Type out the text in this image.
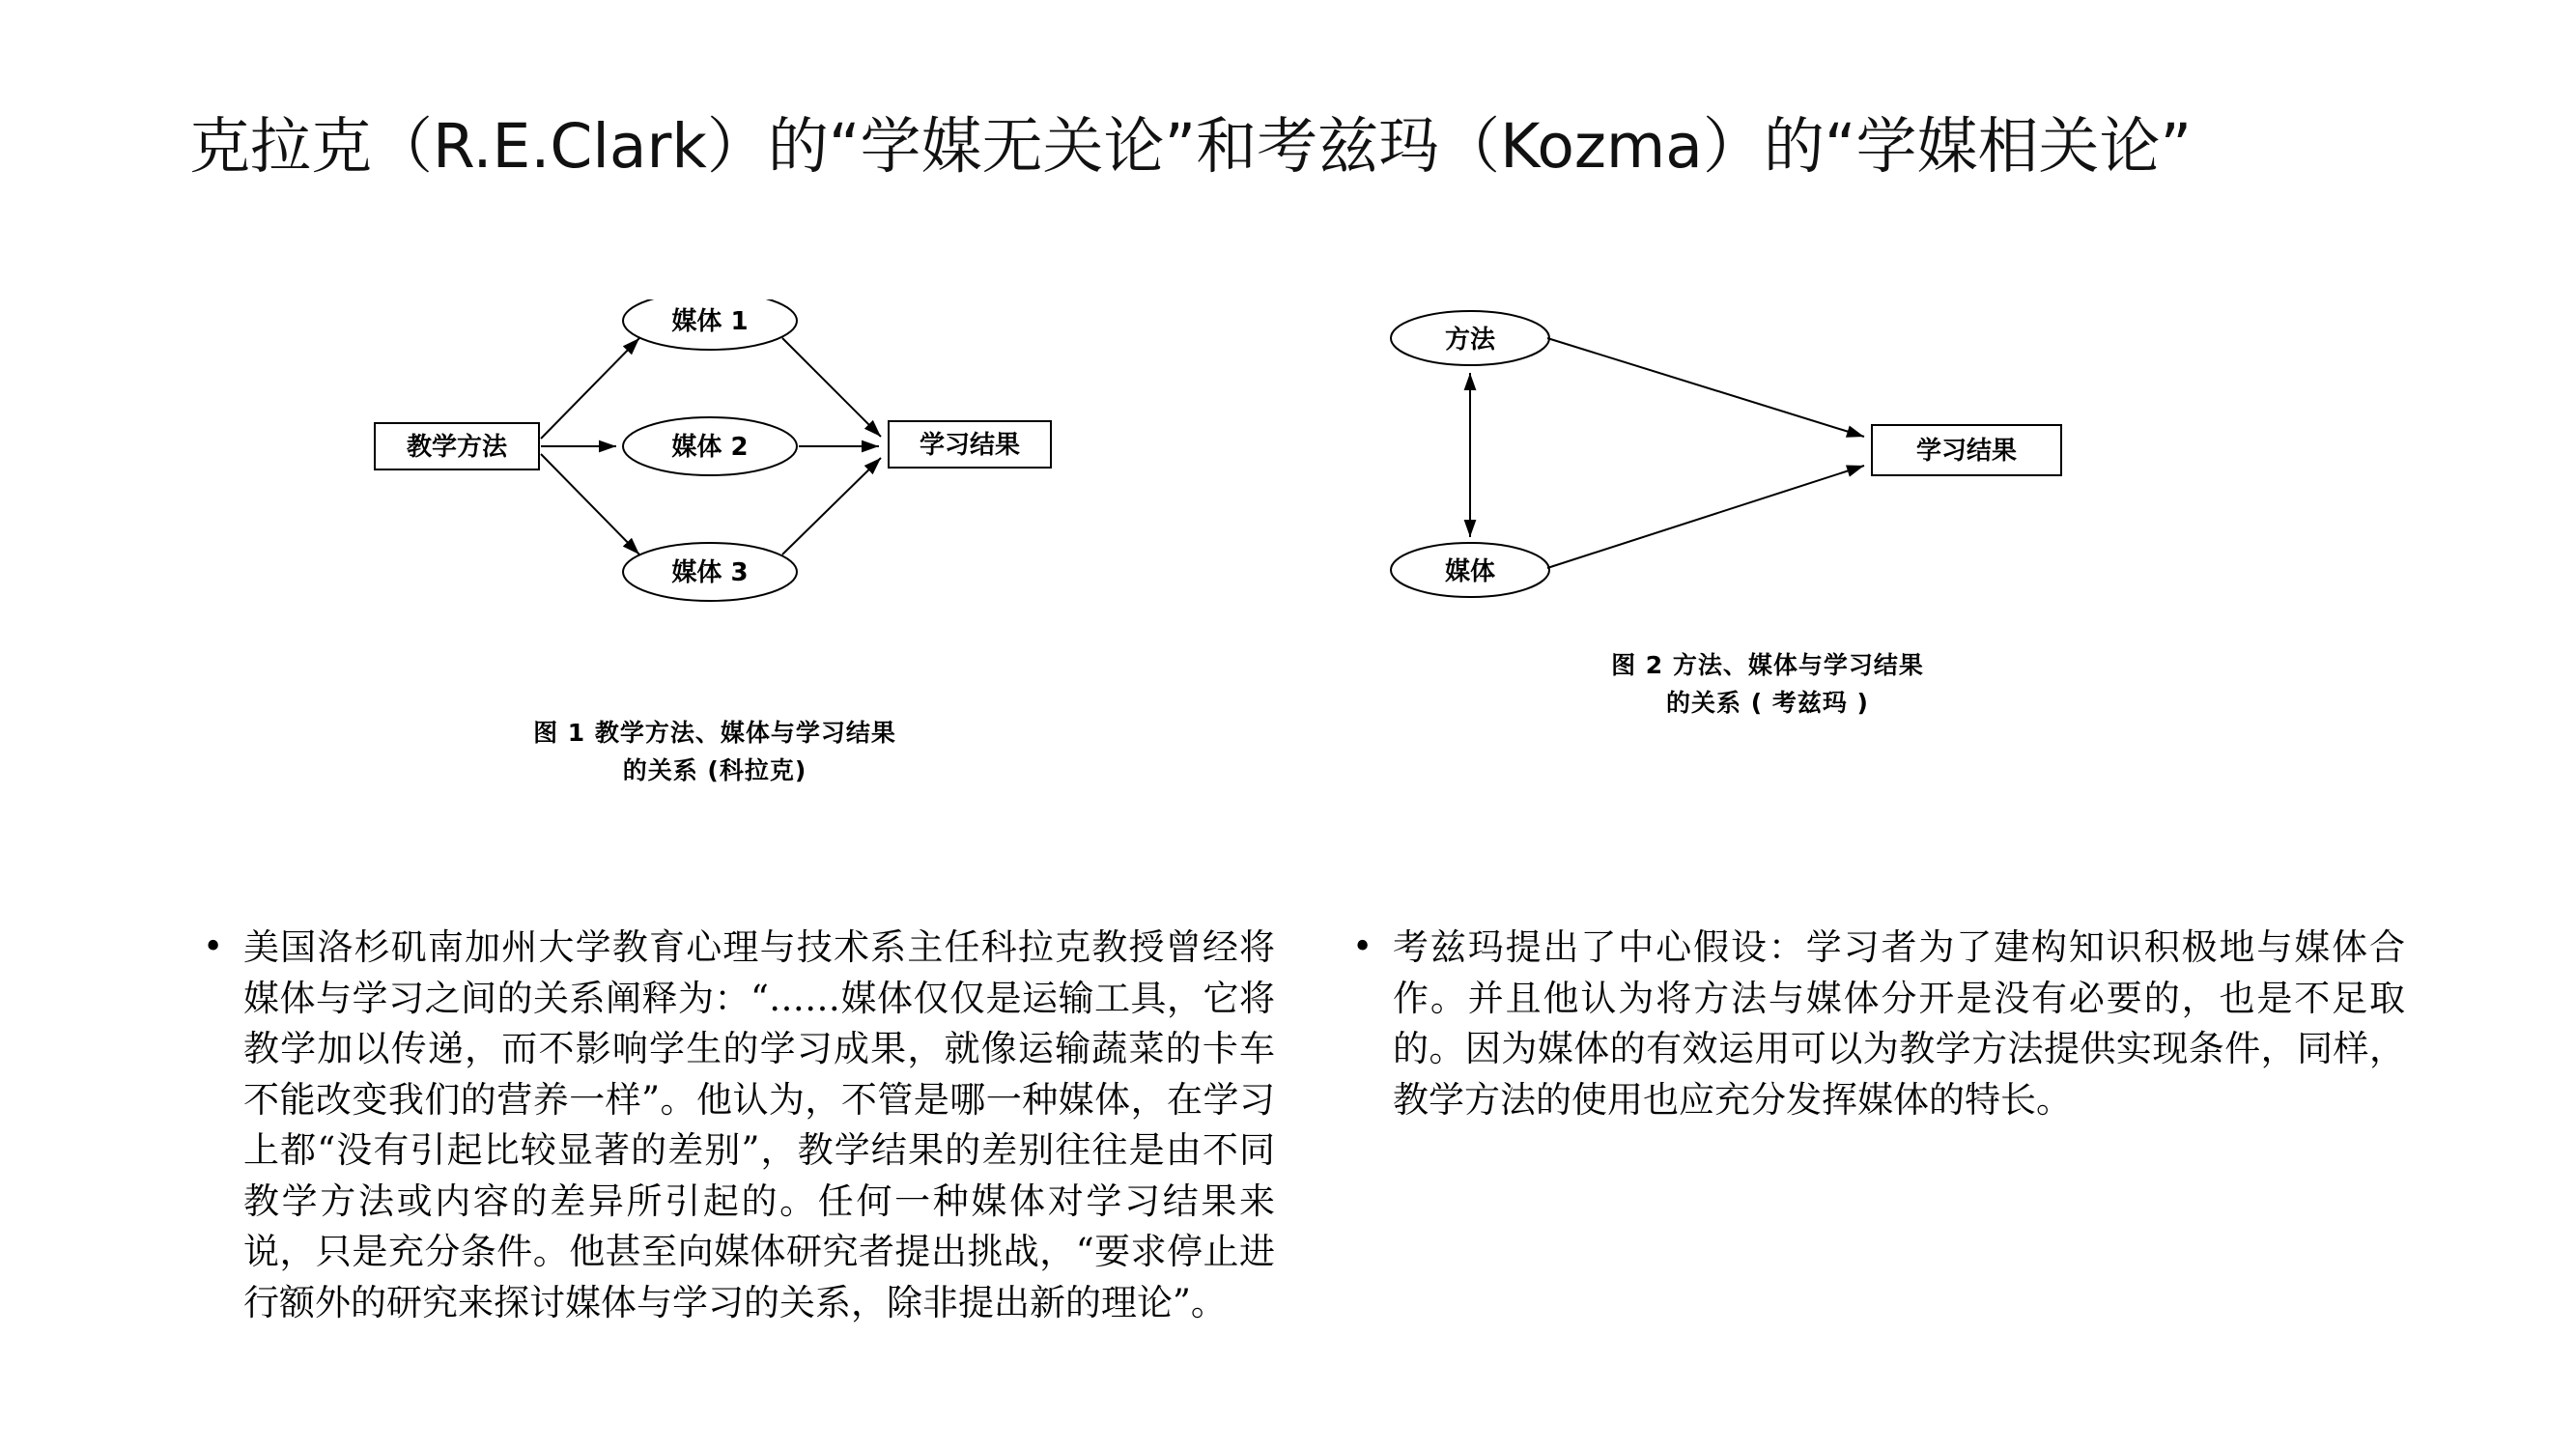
克拉克（R.E.Clark）的“学媒无关论”和考兹玛（Kozma）的“学媒相关论”
教学方法
媒体 1
媒体 2
媒体 3
学习结果
图 1 教学方法、媒体与学习结果
的关系 (科拉克)
方法
媒体
学习结果
图 2 方法、媒体与学习结果
的关系 ( 考兹玛 )
• 美国洛杉矶南加州大学教育心理与技术系主任科拉克教授曾经将媒体与学习之间的关系阐释为：“……媒体仅仅是运输工具，它将教学加以传递，而不影响学生的学习成果，就像运输蔬菜的卡车不能改变我们的营养一样”。他认为，不管是哪一种媒体，在学习上都“没有引起比较显著的差别”，教学结果的差别往往是由不同教学方法或内容的差异所引起的。任何一种媒体对学习结果来说，只是充分条件。他甚至向媒体研究者提出挑战，“要求停止进行额外的研究来探讨媒体与学习的关系，除非提出新的理论”。
• 考兹玛提出了中心假设：学习者为了建构知识积极地与媒体合作。并且他认为将方法与媒体分开是没有必要的，也是不足取的。因为媒体的有效运用可以为教学方法提供实现条件，同样，教学方法的使用也应充分发挥媒体的特长。
